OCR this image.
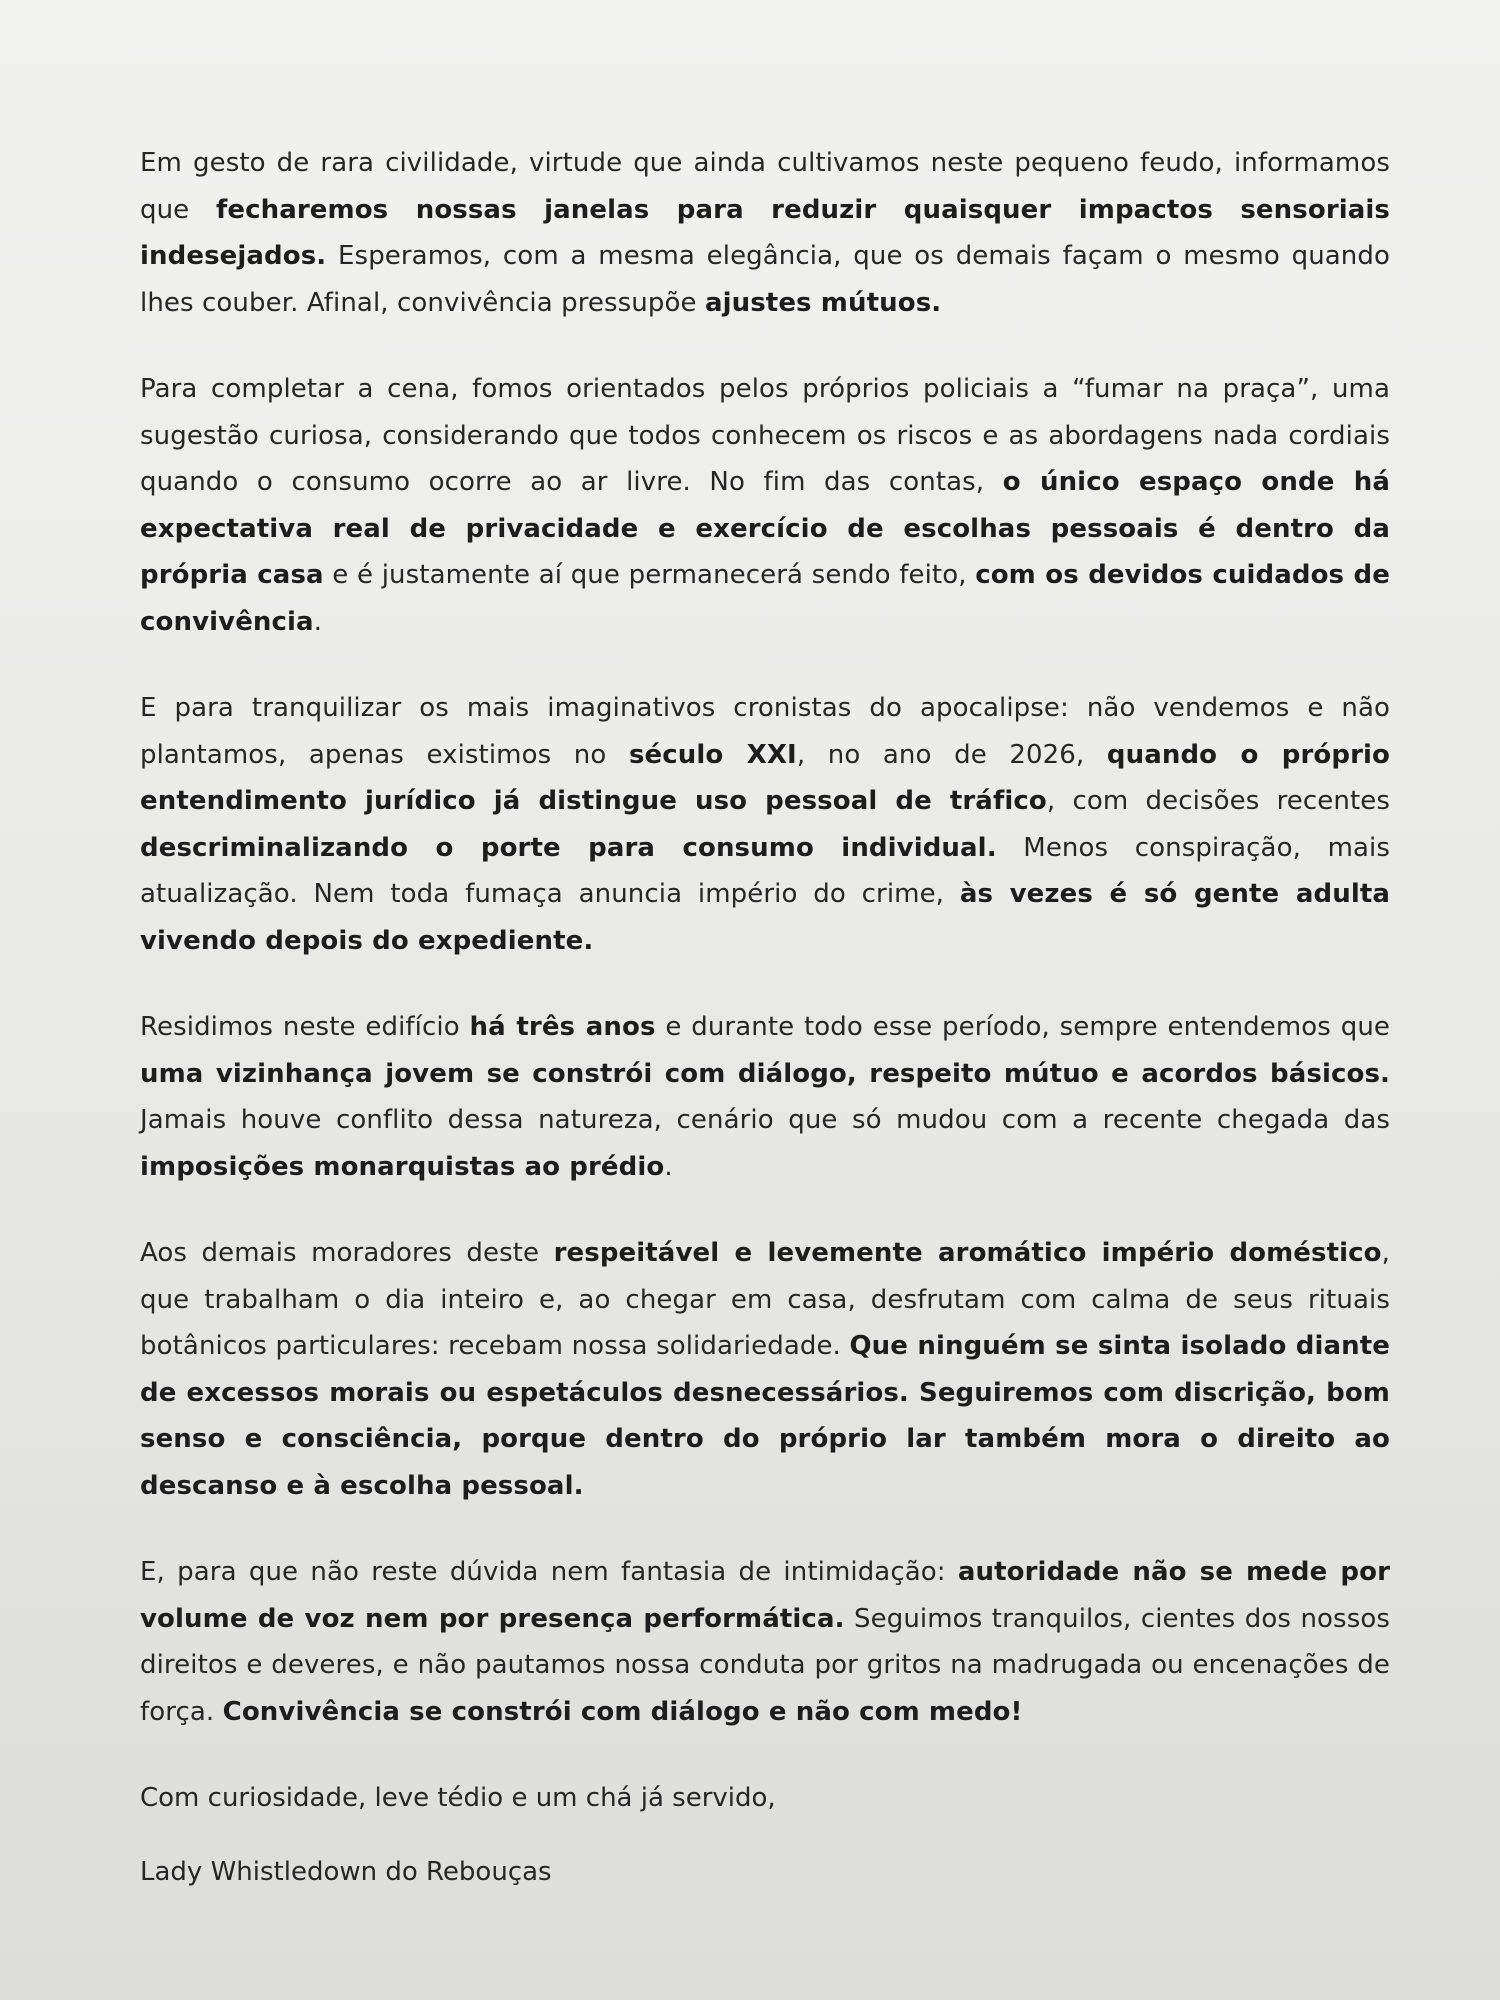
Em gesto de rara civilidade, virtude que ainda cultivamos neste pequeno feudo, informamos que fecharemos nossas janelas para reduzir quaisquer impactos sensoriais indesejados. Esperamos, com a mesma elegância, que os demais façam o mesmo quando lhes couber. Afinal, convivência pressupõe ajustes mútuos.

Para completar a cena, fomos orientados pelos próprios policiais a “fumar na praça”, uma sugestão curiosa, considerando que todos conhecem os riscos e as abordagens nada cordiais quando o consumo ocorre ao ar livre. No fim das contas, o único espaço onde há expectativa real de privacidade e exercício de escolhas pessoais é dentro da própria casa e é justamente aí que permanecerá sendo feito, com os devidos cuidados de convivência.

E para tranquilizar os mais imaginativos cronistas do apocalipse: não vendemos e não plantamos, apenas existimos no século XXI, no ano de 2026, quando o próprio entendimento jurídico já distingue uso pessoal de tráfico, com decisões recentes descriminalizando o porte para consumo individual. Menos conspiração, mais atualização. Nem toda fumaça anuncia império do crime, às vezes é só gente adulta vivendo depois do expediente.

Residimos neste edifício há três anos e durante todo esse período, sempre entendemos que uma vizinhança jovem se constrói com diálogo, respeito mútuo e acordos básicos. Jamais houve conflito dessa natureza, cenário que só mudou com a recente chegada das imposições monarquistas ao prédio.

Aos demais moradores deste respeitável e levemente aromático império doméstico, que trabalham o dia inteiro e, ao chegar em casa, desfrutam com calma de seus rituais botânicos particulares: recebam nossa solidariedade. Que ninguém se sinta isolado diante de excessos morais ou espetáculos desnecessários. Seguiremos com discrição, bom senso e consciência, porque dentro do próprio lar também mora o direito ao descanso e à escolha pessoal.

E, para que não reste dúvida nem fantasia de intimidação: autoridade não se mede por volume de voz nem por presença performática. Seguimos tranquilos, cientes dos nossos direitos e deveres, e não pautamos nossa conduta por gritos na madrugada ou encenações de força. Convivência se constrói com diálogo e não com medo!

Com curiosidade, leve tédio e um chá já servido,

Lady Whistledown do Rebouças
